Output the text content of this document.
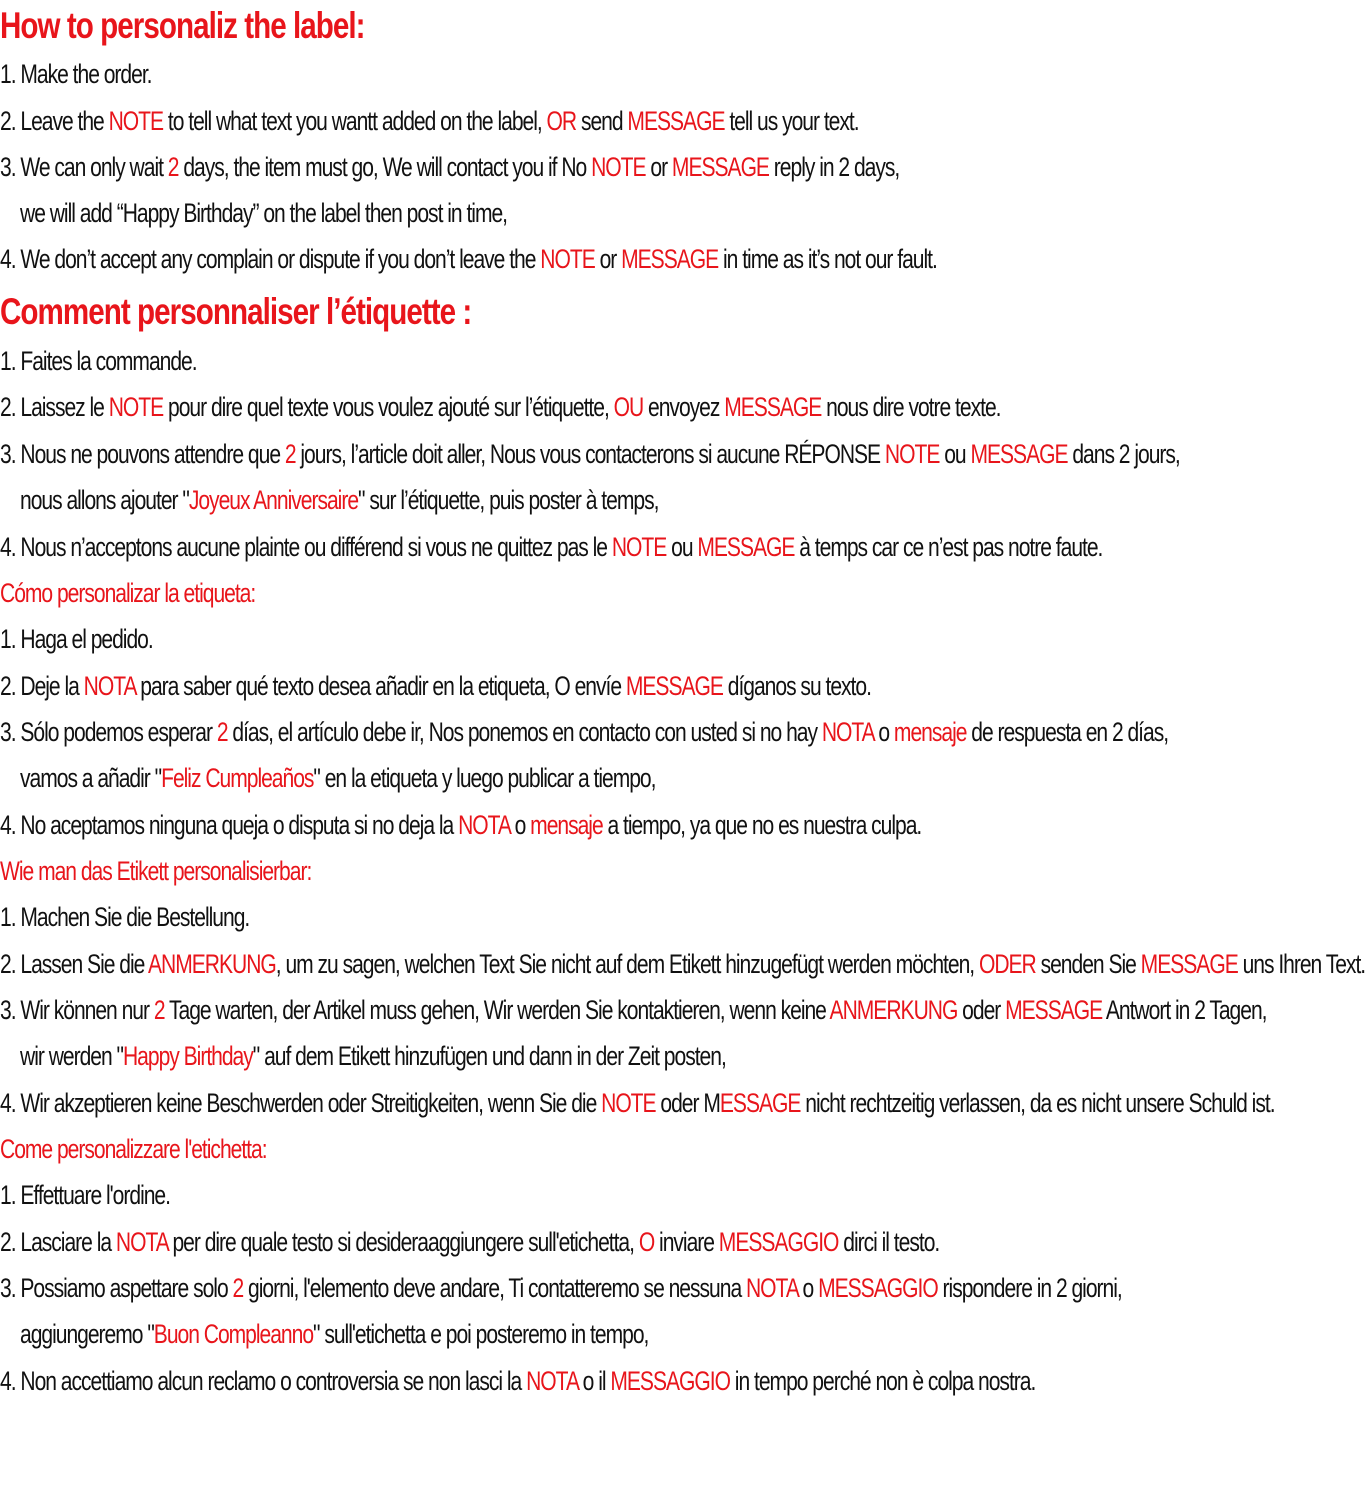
How to personaliz the label:
1. Make the order.
2. Leave the NOTE to tell what text you wantt added on the label, OR send MESSAGE tell us your text.
3. We can only wait 2 days, the item must go, We will contact you if No NOTE or MESSAGE reply in 2 days,
we will add “Happy Birthday” on the label then post in time,
4. We don’t accept any complain or dispute if you don’t leave the NOTE or MESSAGE in time as it’s not our fault.
Comment personnaliser l’étiquette :
1. Faites la commande.
2. Laissez le NOTE pour dire quel texte vous voulez ajouté sur l’étiquette, OU envoyez MESSAGE nous dire votre texte.
3. Nous ne pouvons attendre que 2 jours, l’article doit aller, Nous vous contacterons si aucune RÉPONSE NOTE ou MESSAGE dans 2 jours,
nous allons ajouter "Joyeux Anniversaire" sur l’étiquette, puis poster à temps,
4. Nous n’acceptons aucune plainte ou différend si vous ne quittez pas le NOTE ou MESSAGE à temps car ce n’est pas notre faute.
Cómo personalizar la etiqueta:
1. Haga el pedido.
2. Deje la NOTA para saber qué texto desea añadir en la etiqueta, O envíe MESSAGE díganos su texto.
3. Sólo podemos esperar 2 días, el artículo debe ir, Nos ponemos en contacto con usted si no hay NOTA o mensaje de respuesta en 2 días,
vamos a añadir "Feliz Cumpleaños" en la etiqueta y luego publicar a tiempo,
4. No aceptamos ninguna queja o disputa si no deja la NOTA o mensaje a tiempo, ya que no es nuestra culpa.
Wie man das Etikett personalisierbar:
1. Machen Sie die Bestellung.
2. Lassen Sie die ANMERKUNG, um zu sagen, welchen Text Sie nicht auf dem Etikett hinzugefügt werden möchten, ODER senden Sie MESSAGE uns Ihren Text.
3. Wir können nur 2 Tage warten, der Artikel muss gehen, Wir werden Sie kontaktieren, wenn keine ANMERKUNG oder MESSAGE Antwort in 2 Tagen,
wir werden "Happy Birthday" auf dem Etikett hinzufügen und dann in der Zeit posten,
4. Wir akzeptieren keine Beschwerden oder Streitigkeiten, wenn Sie die NOTE oder MESSAGE nicht rechtzeitig verlassen, da es nicht unsere Schuld ist.
Come personalizzare l'etichetta:
1. Effettuare l'ordine.
2. Lasciare la NOTA per dire quale testo si desideraaggiungere sull'etichetta, O inviare MESSAGGIO dirci il testo.
3. Possiamo aspettare solo 2 giorni, l'elemento deve andare, Ti contatteremo se nessuna NOTA o MESSAGGIO rispondere in 2 giorni,
aggiungeremo "Buon Compleanno" sull'etichetta e poi posteremo in tempo,
4. Non accettiamo alcun reclamo o controversia se non lasci la NOTA o il MESSAGGIO in tempo perché non è colpa nostra.
